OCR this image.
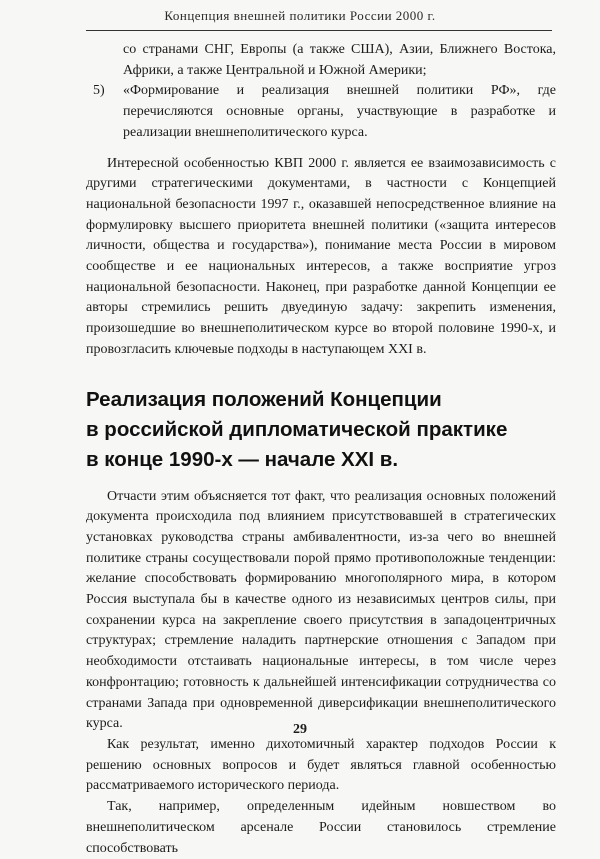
Концепция внешней политики России 2000 г.

со странами СНГ, Европы (а также США), Азии, Ближнего Востока, Африки, а также Центральной и Южной Америки;

5) «Формирование и реализация внешней политики РФ», где перечисляются основные органы, участвующие в разработке и реализации внешнеполитического курса.

Интересной особенностью КВП 2000 г. является ее взаимозависимость с другими стратегическими документами, в частности с Концепцией национальной безопасности 1997 г., оказавшей непосредственное влияние на формулировку высшего приоритета внешней политики («защита интересов личности, общества и государства»), понимание места России в мировом сообществе и ее национальных интересов, а также восприятие угроз национальной безопасности. Наконец, при разработке данной Концепции ее авторы стремились решить двуединую задачу: закрепить изменения, произошедшие во внешнеполитическом курсе во второй половине 1990-х, и провозгласить ключевые подходы в наступающем XXI в.

Реализация положений Концепции
в российской дипломатической практике
в конце 1990-х — начале XXI в.

Отчасти этим объясняется тот факт, что реализация основных положений документа происходила под влиянием присутствовавшей в стратегических установках руководства страны амбивалентности, из-за чего во внешней политике страны сосуществовали порой прямо противоположные тенденции: желание способствовать формированию многополярного мира, в котором Россия выступала бы в качестве одного из независимых центров силы, при сохранении курса на закрепление своего присутствия в западоцентричных структурах; стремление наладить партнерские отношения с Западом при необходимости отстаивать национальные интересы, в том числе через конфронтацию; готовность к дальнейшей интенсификации сотрудничества со странами Запада при одновременной диверсификации внешнеполитического курса.

Как результат, именно дихотомичный характер подходов России к решению основных вопросов и будет являться главной особенностью рассматриваемого исторического периода.

Так, например, определенным идейным новшеством во внешнеполитическом арсенале России становилось стремление способствовать

29
